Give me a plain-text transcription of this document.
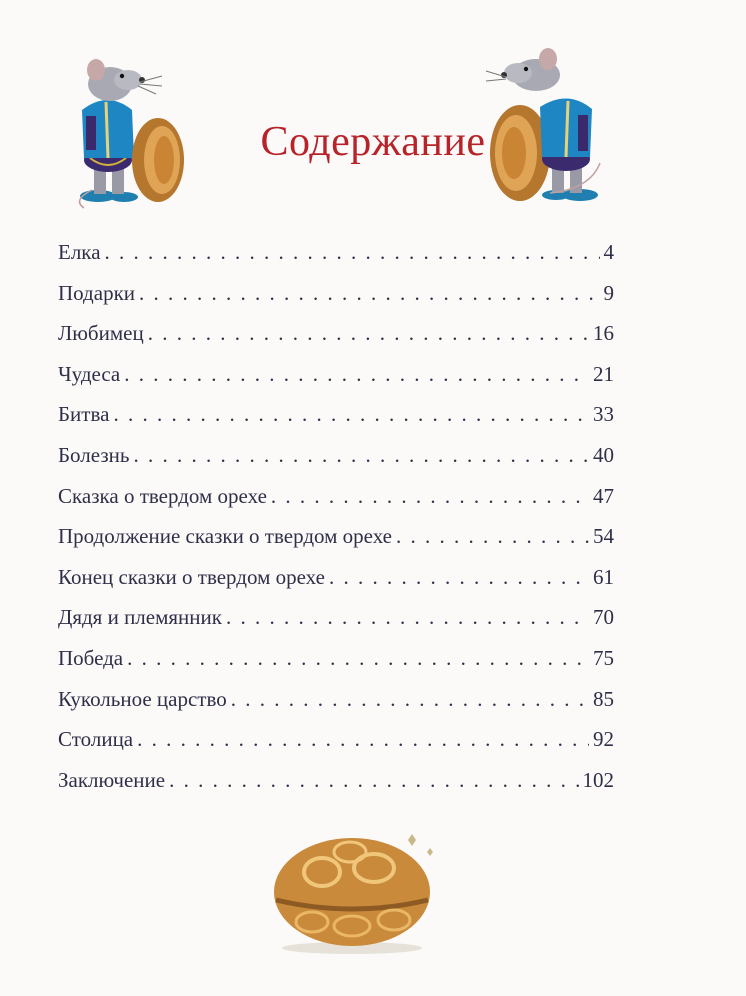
Содержание
Елка . . .	4
Подарки . . .	9
Любимец . . .	16
Чудеса . . .	21
Битва . . .	33
Болезнь . . .	40
Сказка о твердом орехе . . .	47
Продолжение сказки о твердом орехе . . .	54
Конец сказки о твердом орехе . . .	61
Дядя и племянник . . .	70
Победа . . .	75
Кукольное царство . . .	85
Столица . . .	92
Заключение . . .	102
